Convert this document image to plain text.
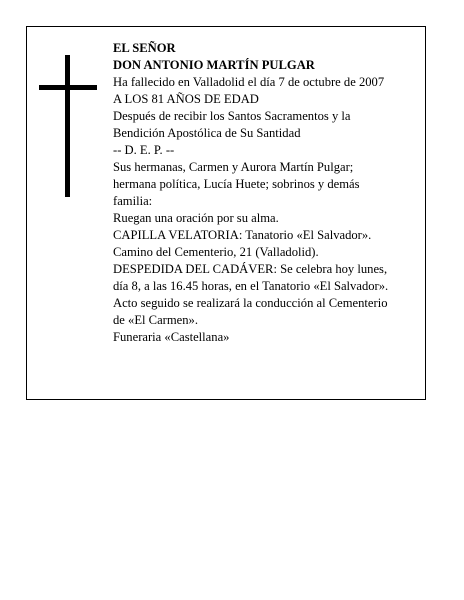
EL SEÑOR
DON ANTONIO MARTÍN PULGAR
Ha fallecido en Valladolid el día 7 de octubre de 2007
A LOS 81 AÑOS DE EDAD
Después de recibir los Santos Sacramentos y la
Bendición Apostólica de Su Santidad
-- D. E. P. --
Sus hermanas, Carmen y Aurora Martín Pulgar;
hermana política, Lucía Huete; sobrinos y demás
familia:
Ruegan una oración por su alma.
CAPILLA VELATORIA: Tanatorio «El Salvador».
Camino del Cementerio, 21 (Valladolid).
DESPEDIDA DEL CADÁVER: Se celebra hoy lunes,
día 8, a las 16.45 horas, en el Tanatorio «El Salvador».
Acto seguido se realizará la conducción al Cementerio
de «El Carmen».
Funeraria «Castellana»
